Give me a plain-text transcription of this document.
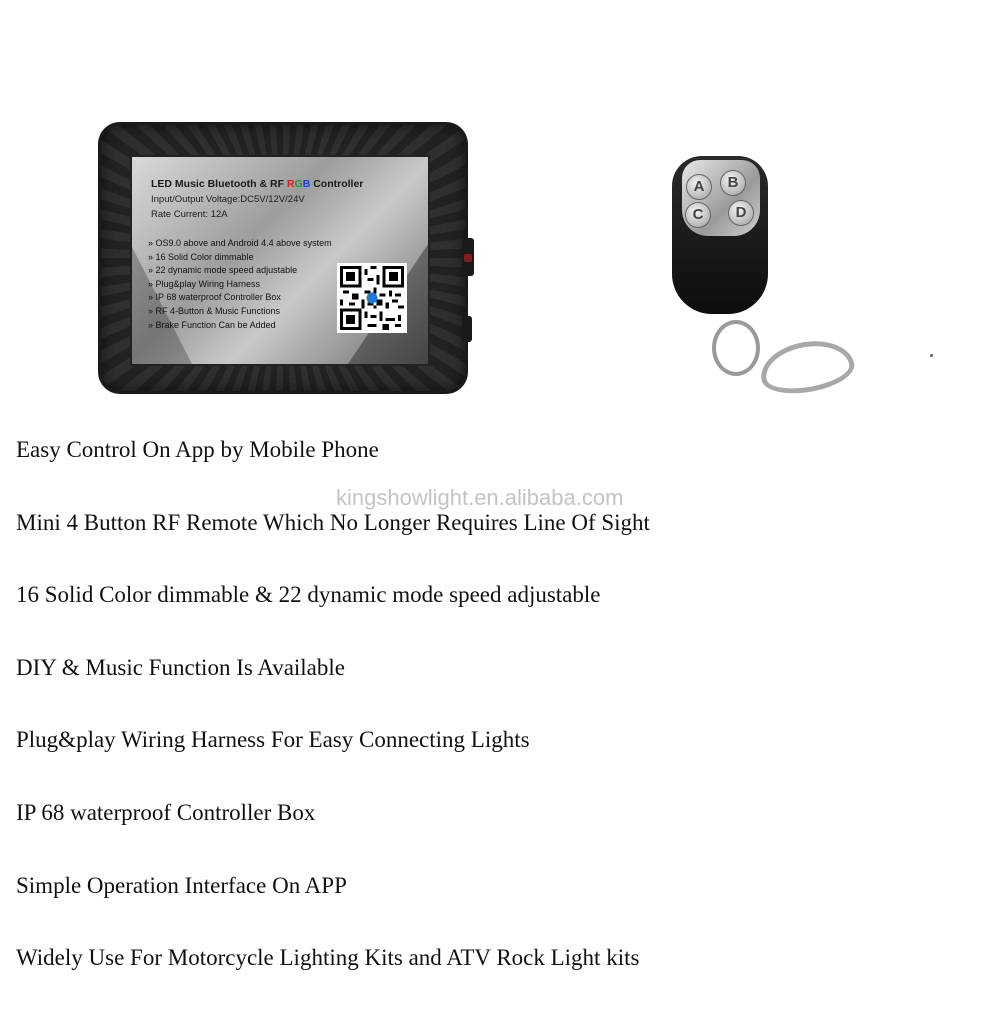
LED Music Bluetooth & RF RGB Controller
Input/Output Voltage:DC5V/12V/24V
Rate Current: 12A
» OS9.0 above and Android 4.4 above system
» 16 Solid Color dimmable
» 22 dynamic mode speed adjustable
» Plug&play Wiring Harness
» IP 68 waterproof Controller Box
» RF 4-Button & Music Functions
» Brake Function Can be Added
A	B
C	D
Easy Control On App by Mobile Phone
Mini 4 Button RF Remote Which No Longer Requires Line Of Sight
16 Solid Color dimmable & 22 dynamic mode speed adjustable
DIY & Music Function Is Available
Plug&play Wiring Harness For Easy Connecting Lights
IP 68 waterproof Controller Box
Simple Operation Interface On APP
Widely Use For Motorcycle Lighting Kits and ATV Rock Light kits
kingshowlight.en.alibaba.com
